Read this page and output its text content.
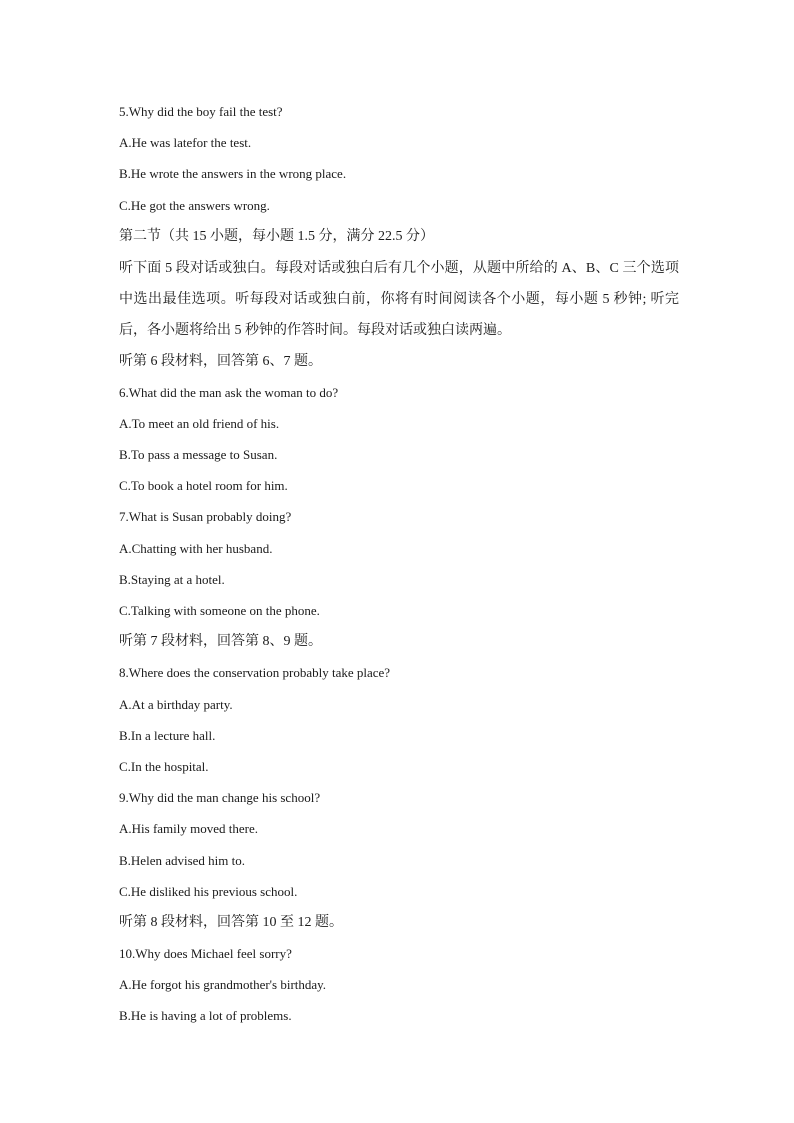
5.Why did the boy fail the test?
A.He was latefor the test.
B.He wrote the answers in the wrong place.
C.He got the answers wrong.
第二节（共 15 小题，每小题 1.5 分，满分 22.5 分）
听下面 5 段对话或独白。每段对话或独白后有几个小题，从题中所给的 A、B、C 三个选项中选出最佳选项。听每段对话或独白前，你将有时间阅读各个小题，每小题 5 秒钟; 听完后，各小题将给出 5 秒钟的作答时间。每段对话或独白读两遍。
听第 6 段材料，回答第 6、7 题。
6.What did the man ask the woman to do?
A.To meet an old friend of his.
B.To pass a message to Susan.
C.To book a hotel room for him.
7.What is Susan probably doing?
A.Chatting with her husband.
B.Staying at a hotel.
C.Talking with someone on the phone.
听第 7 段材料，回答第 8、9 题。
8.Where does the conservation probably take place?
A.At a birthday party.
B.In a lecture hall.
C.In the hospital.
9.Why did the man change his school?
A.His family moved there.
B.Helen advised him to.
C.He disliked his previous school.
听第 8 段材料，回答第 10 至 12 题。
10.Why does Michael feel sorry?
A.He forgot his grandmother's birthday.
B.He is having a lot of problems.
